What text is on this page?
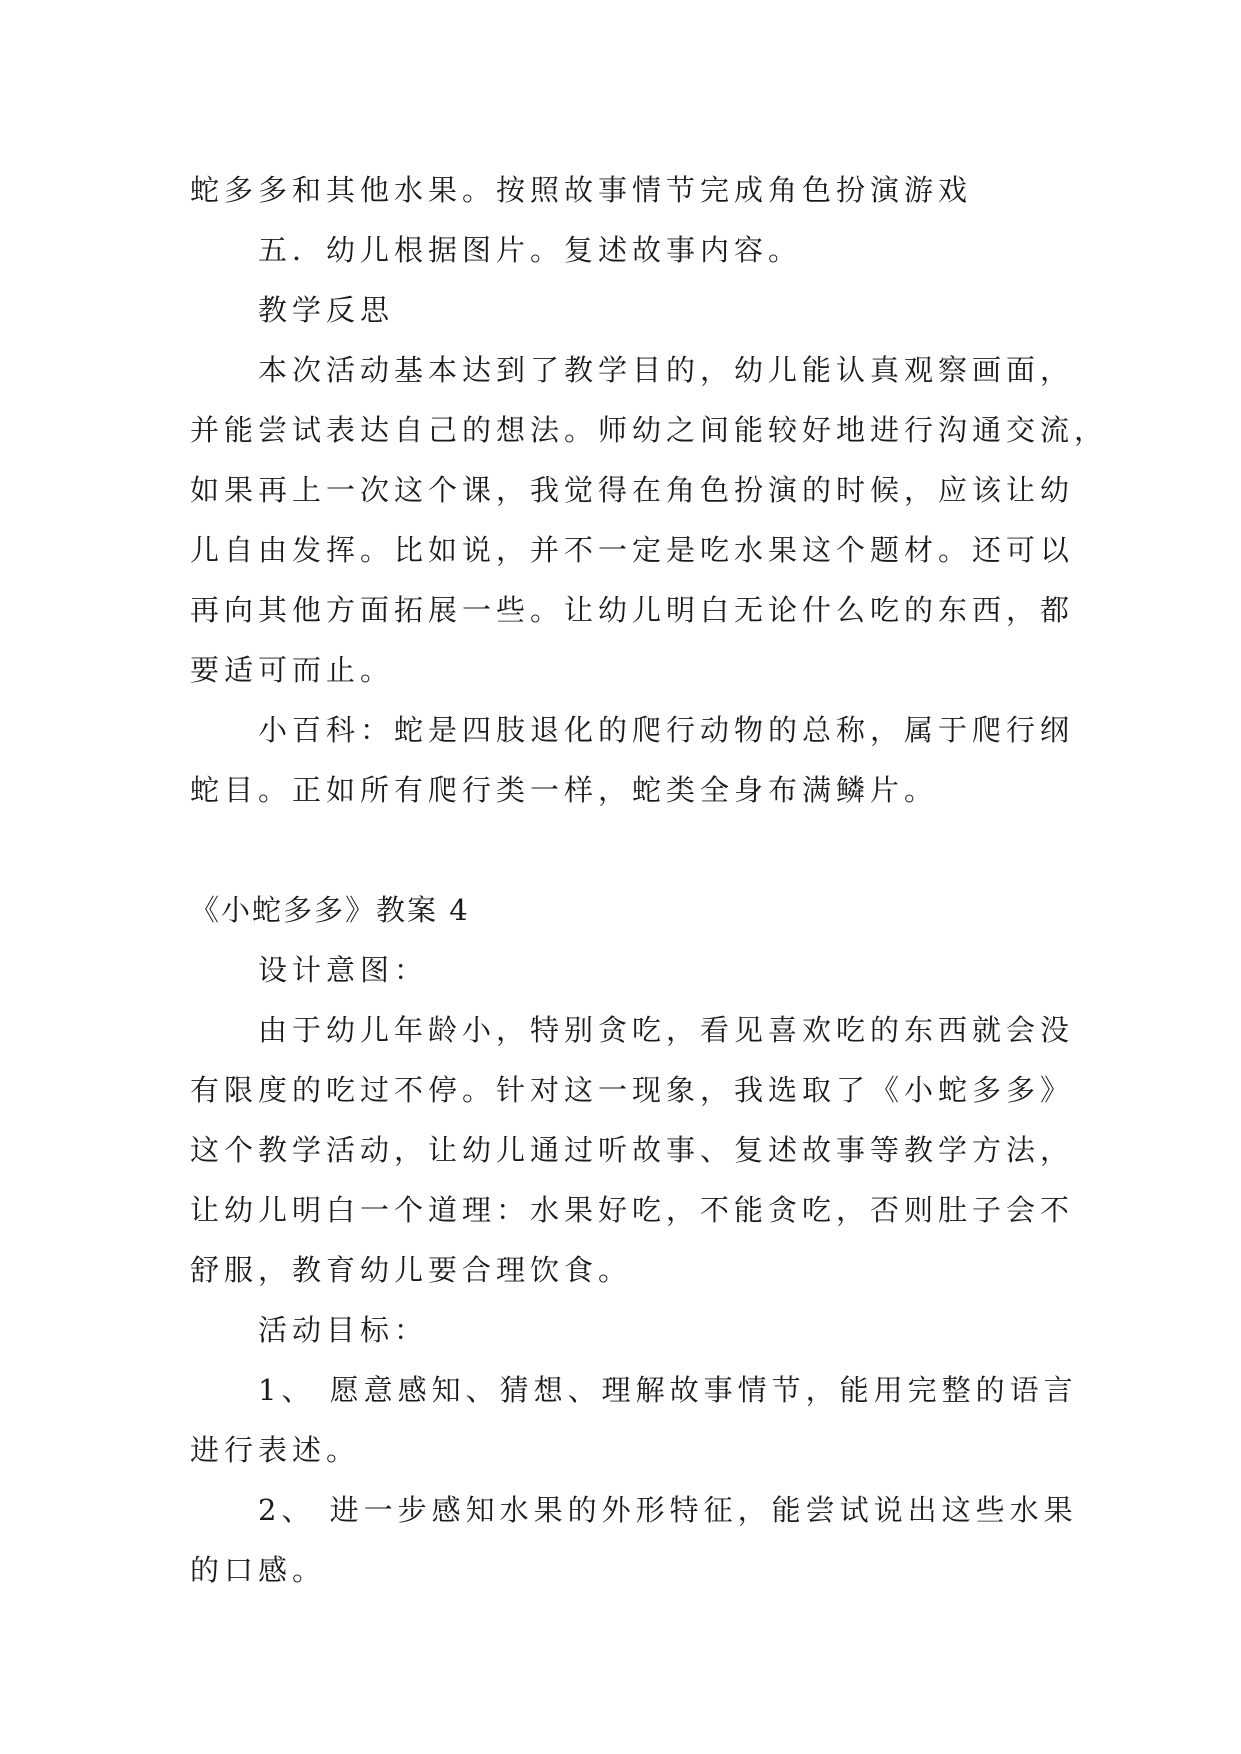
蛇多多和其他水果。按照故事情节完成角色扮演游戏
五．幼儿根据图片。复述故事内容。
教学反思
本次活动基本达到了教学目的，幼儿能认真观察画面，
并能尝试表达自己的想法。师幼之间能较好地进行沟通交流，
如果再上一次这个课，我觉得在角色扮演的时候，应该让幼
儿自由发挥。比如说，并不一定是吃水果这个题材。还可以
再向其他方面拓展一些。让幼儿明白无论什么吃的东西，都
要适可而止。
小百科：蛇是四肢退化的爬行动物的总称，属于爬行纲
蛇目。正如所有爬行类一样，蛇类全身布满鳞片。
《小蛇多多》教案 4
设计意图：
由于幼儿年龄小，特别贪吃，看见喜欢吃的东西就会没
有限度的吃过不停。针对这一现象，我选取了《小蛇多多》
这个教学活动，让幼儿通过听故事、复述故事等教学方法，
让幼儿明白一个道理：水果好吃，不能贪吃，否则肚子会不
舒服，教育幼儿要合理饮食。
活动目标：
1、 愿意感知、猜想、理解故事情节，能用完整的语言
进行表述。
2、 进一步感知水果的外形特征，能尝试说出这些水果
的口感。
